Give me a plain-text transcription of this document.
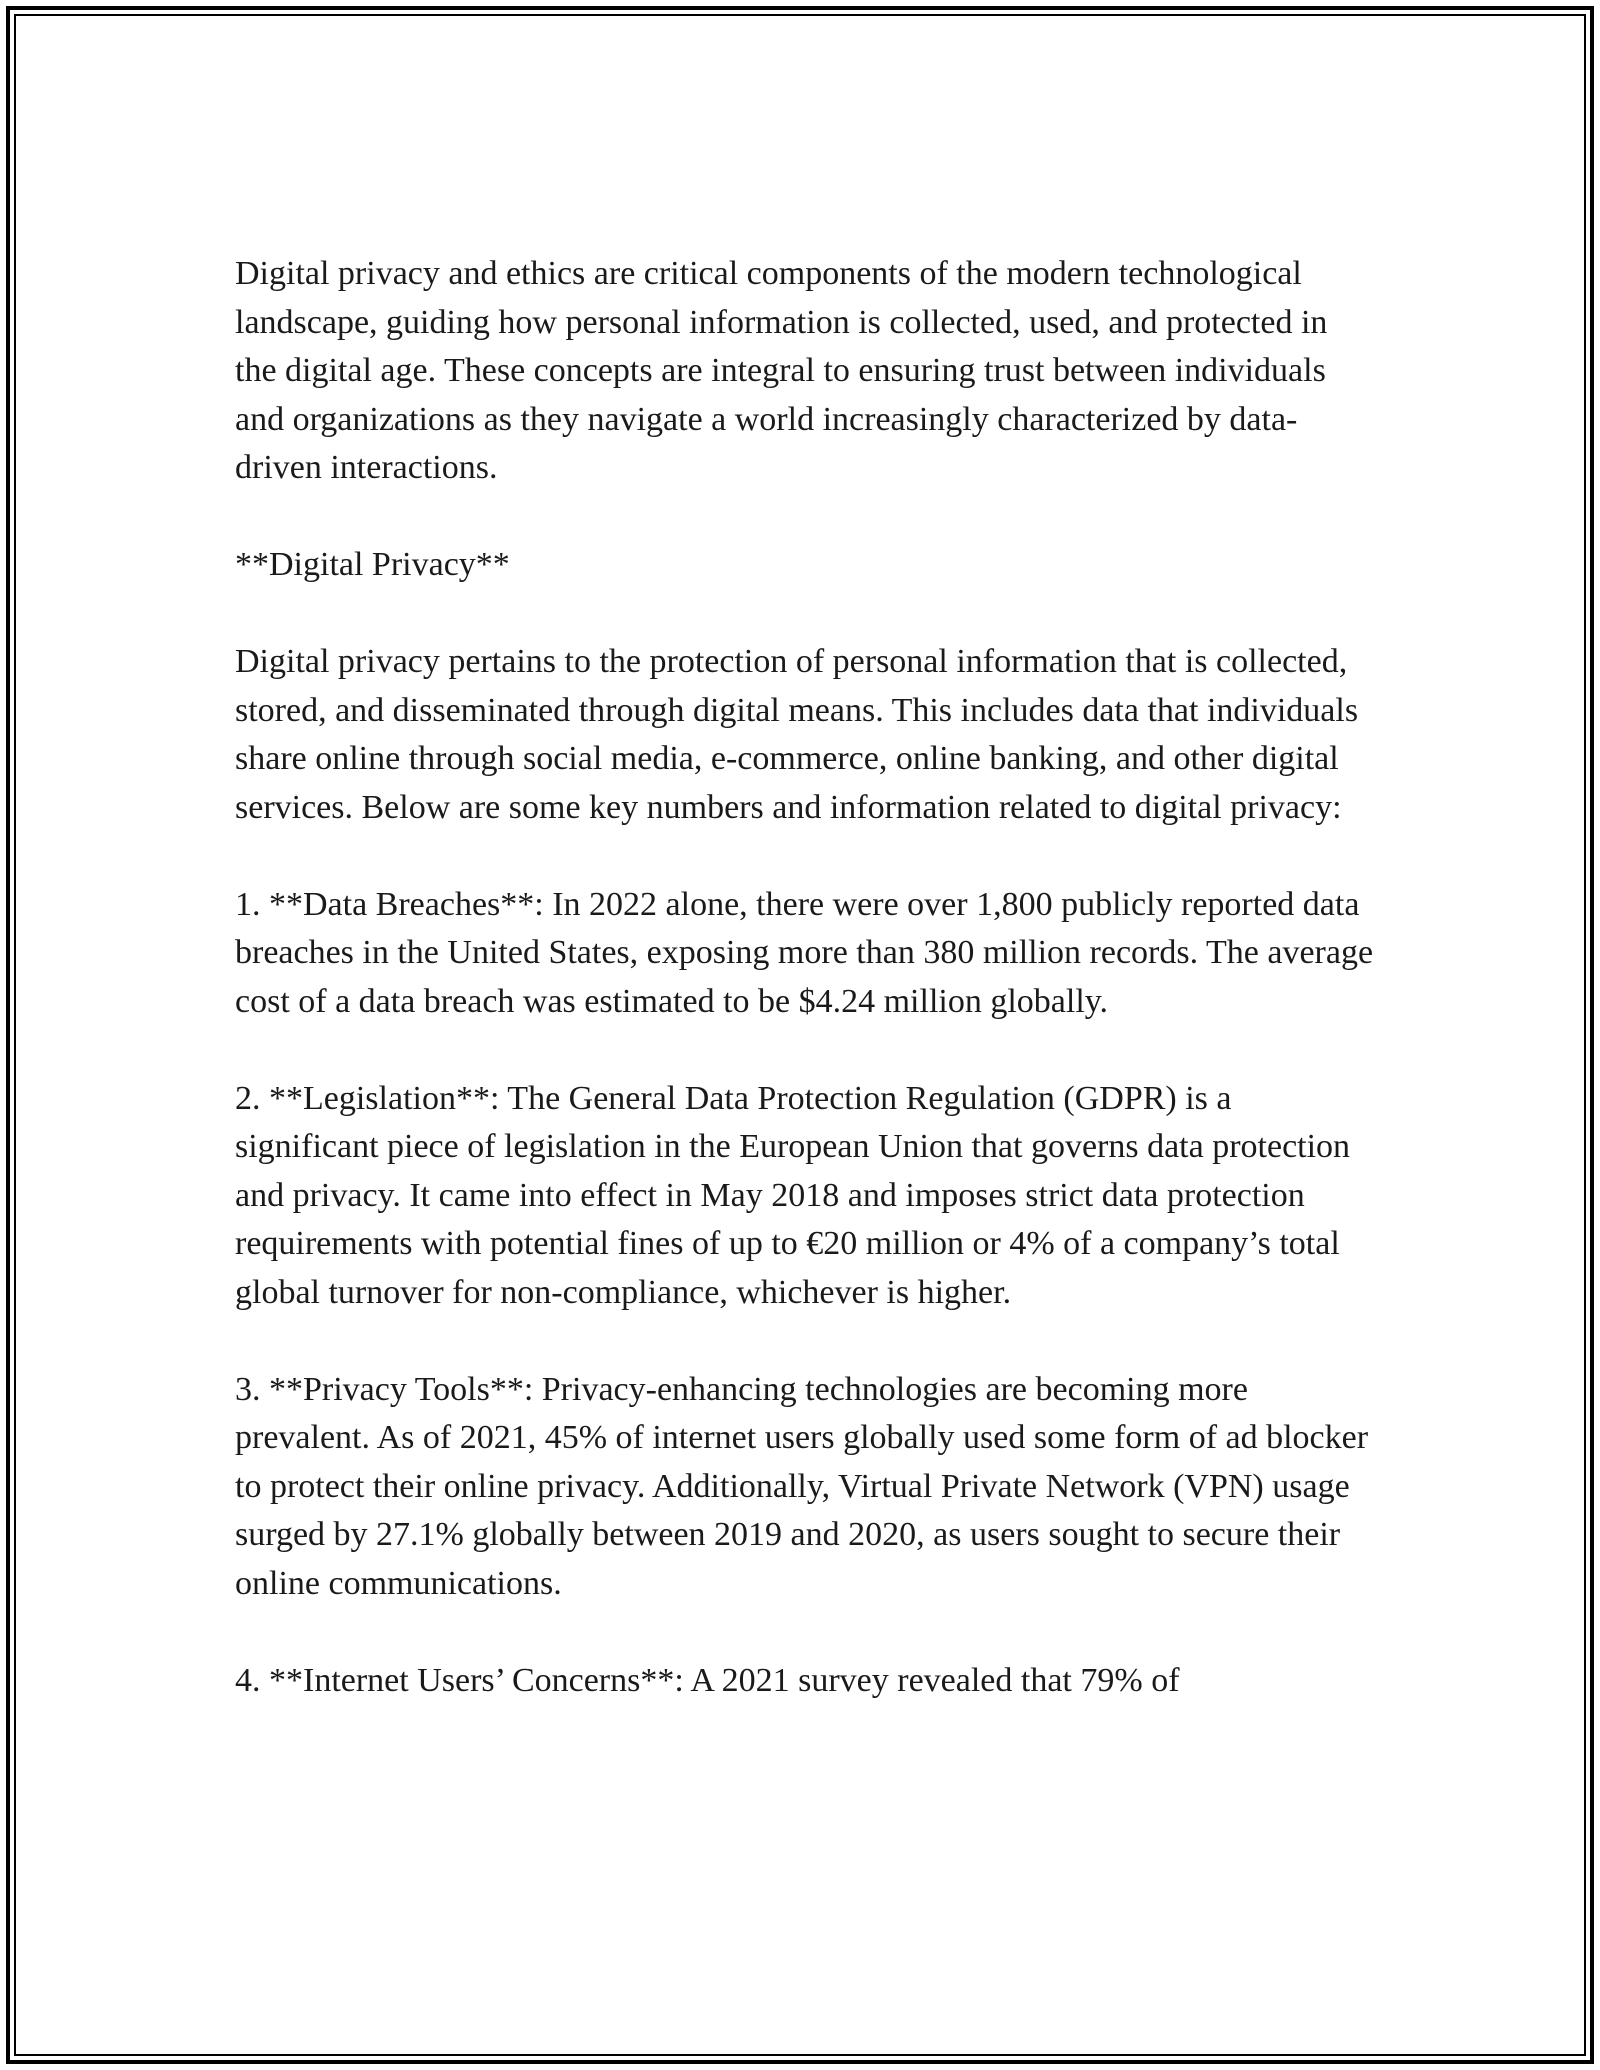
Digital privacy and ethics are critical components of the modern technological landscape, guiding how personal information is collected, used, and protected in the digital age. These concepts are integral to ensuring trust between individuals and organizations as they navigate a world increasingly characterized by data-driven interactions.

**Digital Privacy**

Digital privacy pertains to the protection of personal information that is collected, stored, and disseminated through digital means. This includes data that individuals share online through social media, e-commerce, online banking, and other digital services. Below are some key numbers and information related to digital privacy:

1. **Data Breaches**: In 2022 alone, there were over 1,800 publicly reported data breaches in the United States, exposing more than 380 million records. The average cost of a data breach was estimated to be $4.24 million globally.

2. **Legislation**: The General Data Protection Regulation (GDPR) is a significant piece of legislation in the European Union that governs data protection and privacy. It came into effect in May 2018 and imposes strict data protection requirements with potential fines of up to €20 million or 4% of a company’s total global turnover for non-compliance, whichever is higher.

3. **Privacy Tools**: Privacy-enhancing technologies are becoming more prevalent. As of 2021, 45% of internet users globally used some form of ad blocker to protect their online privacy. Additionally, Virtual Private Network (VPN) usage surged by 27.1% globally between 2019 and 2020, as users sought to secure their online communications.

4. **Internet Users’ Concerns**: A 2021 survey revealed that 79% of
